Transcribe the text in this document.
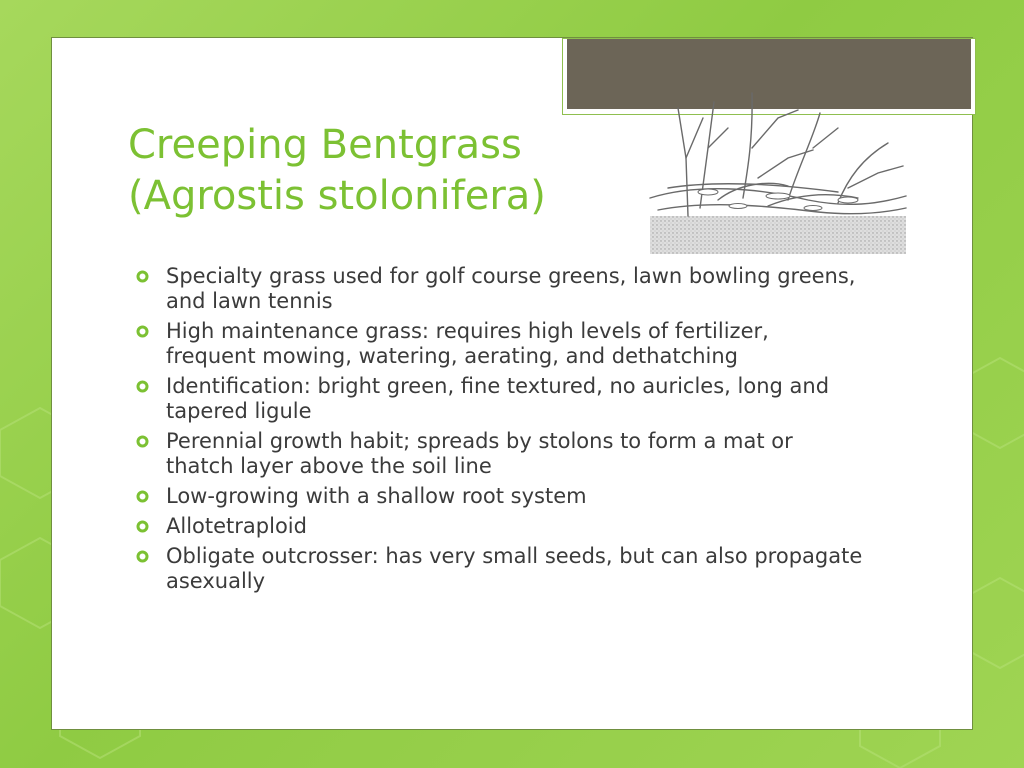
Creeping Bentgrass
(Agrostis stolonifera)
Specialty grass used for golf course greens, lawn bowling greens, and lawn tennis
High maintenance grass: requires high levels of fertilizer, frequent mowing, watering, aerating, and dethatching
Identification: bright green, fine textured, no auricles, long and tapered ligule
Perennial growth habit; spreads by stolons to form a mat or thatch layer above the soil line
Low-growing with a shallow root system
Allotetraploid
Obligate outcrosser: has very small seeds, but can also propagate asexually
